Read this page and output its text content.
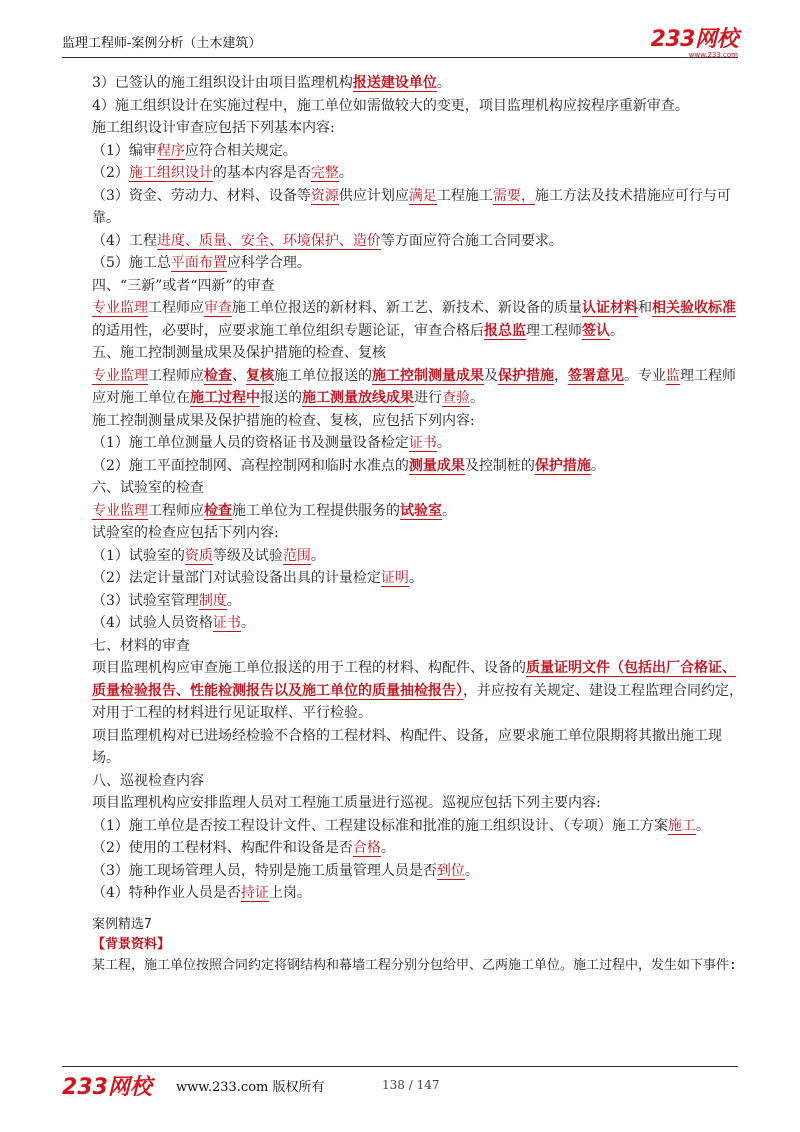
监理工程师-案例分析（土木建筑）	233网校
www.233.com
3）已签认的施工组织设计由项目监理机构报送建设单位。
4）施工组织设计在实施过程中，施工单位如需做较大的变更，项目监理机构应按程序重新审查。
施工组织设计审查应包括下列基本内容:
（1）编审程序应符合相关规定。
（2）施工组织设计的基本内容是否完整。
（3）资金、劳动力、材料、设备等资源供应计划应满足工程施工需要，施工方法及技术措施应可行与可靠。
（4）工程进度、质量、安全、环境保护、造价等方面应符合施工合同要求。
（5）施工总平面布置应科学合理。
四、“三新”或者“四新”的审查
专业监理工程师应审查施工单位报送的新材料、新工艺、新技术、新设备的质量认证材料和相关验收标准的适用性，必要时，应要求施工单位组织专题论证，审查合格后报总监理工程师签认。
五、施工控制测量成果及保护措施的检查、复核
专业监理工程师应检查、复核施工单位报送的施工控制测量成果及保护措施，签署意见。专业监理工程师应对施工单位在施工过程中报送的施工测量放线成果进行查验。
施工控制测量成果及保护措施的检查、复核，应包括下列内容:
（1）施工单位测量人员的资格证书及测量设备检定证书。
（2）施工平面控制网、高程控制网和临时水准点的测量成果及控制桩的保护措施。
六、试验室的检查
专业监理工程师应检查施工单位为工程提供服务的试验室。
试验室的检查应包括下列内容:
（1）试验室的资质等级及试验范围。
（2）法定计量部门对试验设备出具的计量检定证明。
（3）试验室管理制度。
（4）试验人员资格证书。
七、材料的审查
项目监理机构应审查施工单位报送的用于工程的材料、构配件、设备的质量证明文件（包括出厂合格证、质量检验报告、性能检测报告以及施工单位的质量抽检报告），并应按有关规定、建设工程监理合同约定，对用于工程的材料进行见证取样、平行检验。
项目监理机构对已进场经检验不合格的工程材料、构配件、设备，应要求施工单位限期将其撤出施工现场。
八、巡视检查内容
项目监理机构应安排监理人员对工程施工质量进行巡视。巡视应包括下列主要内容:
（1）施工单位是否按工程设计文件、工程建设标准和批准的施工组织设计、（专项）施工方案施工。
（2）使用的工程材料、构配件和设备是否合格。
（3）施工现场管理人员，特别是施工质量管理人员是否到位。
（4）特种作业人员是否持证上岗。
案例精选7
【背景资料】
某工程，施工单位按照合同约定将钢结构和幕墙工程分别分包给甲、乙两施工单位。施工过程中，发生如下事件:
233网校 www.233.com 版权所有	138 / 147
